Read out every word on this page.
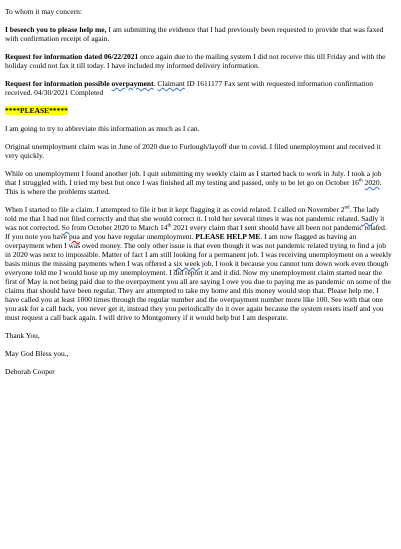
To whom it may concern:

I beseech you to please help me, I am submitting the evidence that I had previously been requested to provide that was faxed with confirmation receipt of again.

Request for information dated 06/22/2021 once again due to the mailing system I did not receive this till Friday and with the holiday could not fax it till today. I have included my informed delivery information.

Request for information possible overpayment. Claimant ID 1611177 Fax sent with requested information confirmation received. 04/30/2021 Completed

****PLEASE*****

I am going to try to abbreviate this information as much as I can.

Original unemployment claim was in June of 2020 due to Furlough/layoff due to covid. I filed unemployment and received it very quickly.

While on unemployment I found another job. I quit submitting my weekly claim as I started back to work in July. I took a job that I struggled with. I tried my best but once I was finished all my testing and passed, only to be let go on October 16th 2020. This is where the problems started.

When I started to file a claim. I attempted to file it but it kept flagging it as covid related. I called on November 2nd. The lady told me that I had not filed correctly and that she would correct it. I told her several times it was not pandemic related. Sadly it was not corrected. So from October 2020 to March 14th 2021 every claim that I sent should have all been not pandemic related. If you note you have pua and you have regular unemployment. PLEASE HELP ME. I am now flagged as having an overpayment when I was owed money. The only other issue is that even though it was not pandemic related trying to find a job in 2020 was next to impossible. Matter of fact I am still looking for a permanent job. I was receiving unemployment on a weekly basis minus the missing payments when I was offered a six week job, I took it because you cannot turn down work even though everyone told me I would hose up my unemployment. I did report it and it did. Now my unemployment claim started near the first of May is not being paid due to the overpayment you all are saying I owe you due to paying me as pandemic on some of the claims that should have been regular. They are attempted to take my home and this money would stop that. Please help me. I have called you at least 1000 times through the regular number and the overpayment number more like 100. See with that one you ask for a call back, you never get it, instead they you periodically do it over again because the system resets itself and you must request a call back again. I will drive to Montgomery if it would help but I am desperate.

Thank You,

May God Bless you.,

Deborah Cooper
